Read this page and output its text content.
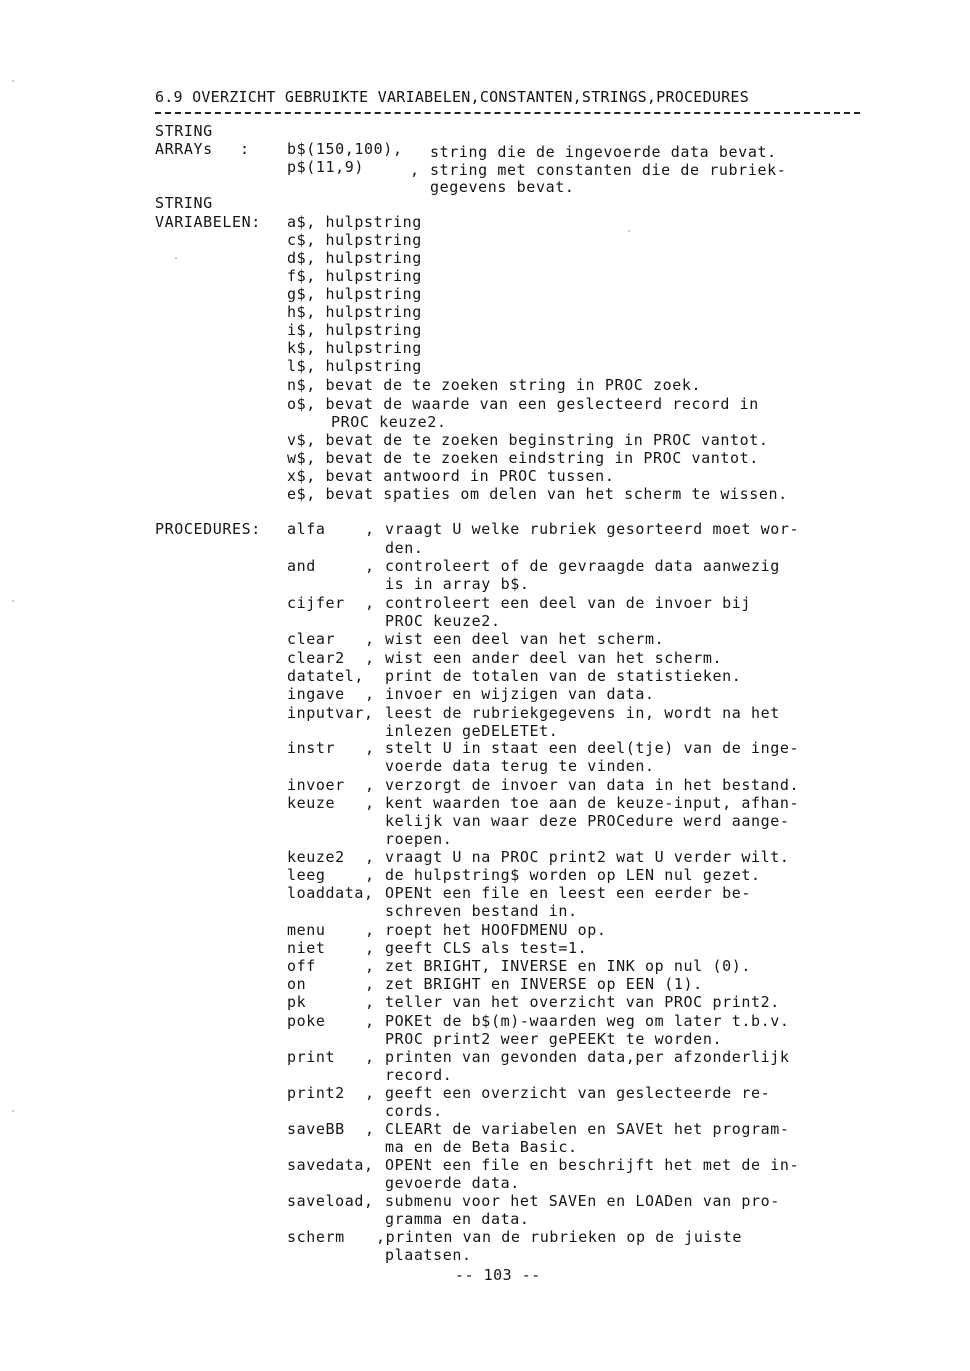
6.9 OVERZICHT GEBRUIKTE VARIABELEN,CONSTANTEN,STRINGS,PROCEDURES
STRING
ARRAYs : b$(150,100), string die de ingevoerde data bevat.
p$(11,9)	, string met constanten die de rubriek-
gegevens bevat.
STRING
VARIABELEN: a$, hulpstring
c$, hulpstring
d$, hulpstring
f$, hulpstring
g$, hulpstring
h$, hulpstring
i$, hulpstring
k$, hulpstring
l$, hulpstring
n$, bevat de te zoeken string in PROC zoek.
o$, bevat de waarde van een geslecteerd record in
PROC keuze2.
v$, bevat de te zoeken beginstring in PROC vantot.
w$, bevat de te zoeken eindstring in PROC vantot.
x$, bevat antwoord in PROC tussen.
e$, bevat spaties om delen van het scherm te wissen.
PROCEDURES: alfa	, vraagt U welke rubriek gesorteerd moet wor-
den.
and	, controleert of de gevraagde data aanwezig
is in array b$.
cijfer , controleert een deel van de invoer bij
PROC keuze2.
clear , wist een deel van het scherm.
clear2 , wist een ander deel van het scherm.
datatel, print de totalen van de statistieken.
ingave , invoer en wijzigen van data.
inputvar, leest de rubriekgegevens in, wordt na het
inlezen geDELETEt.
instr , stelt U in staat een deel(tje) van de inge-
voerde data terug te vinden.
invoer , verzorgt de invoer van data in het bestand.
keuze , kent waarden toe aan de keuze-input, afhan-
kelijk van waar deze PROCedure werd aange-
roepen.
keuze2 , vraagt U na PROC print2 wat U verder wilt.
leeg	, de hulpstring$ worden op LEN nul gezet.
loaddata, OPENt een file en leest een eerder be-
schreven bestand in.
menu	, roept het HOOFDMENU op.
niet	, geeft CLS als test=1.
off	, zet BRIGHT, INVERSE en INK op nul (0).
on	, zet BRIGHT en INVERSE op EEN (1).
pk	, teller van het overzicht van PROC print2.
poke	, POKEt de b$(m)-waarden weg om later t.b.v.
PROC print2 weer gePEEKt te worden.
print , printen van gevonden data,per afzonderlijk
record.
print2 , geeft een overzicht van geslecteerde re-
cords.
saveBB , CLEARt de variabelen en SAVEt het program-
ma en de Beta Basic.
savedata, OPENt een file en beschrijft het met de in-
gevoerde data.
saveload, submenu voor het SAVEn en LOADen van pro-
gramma en data.
scherm ,printen van de rubrieken op de juiste
plaatsen.
-- 103 --
